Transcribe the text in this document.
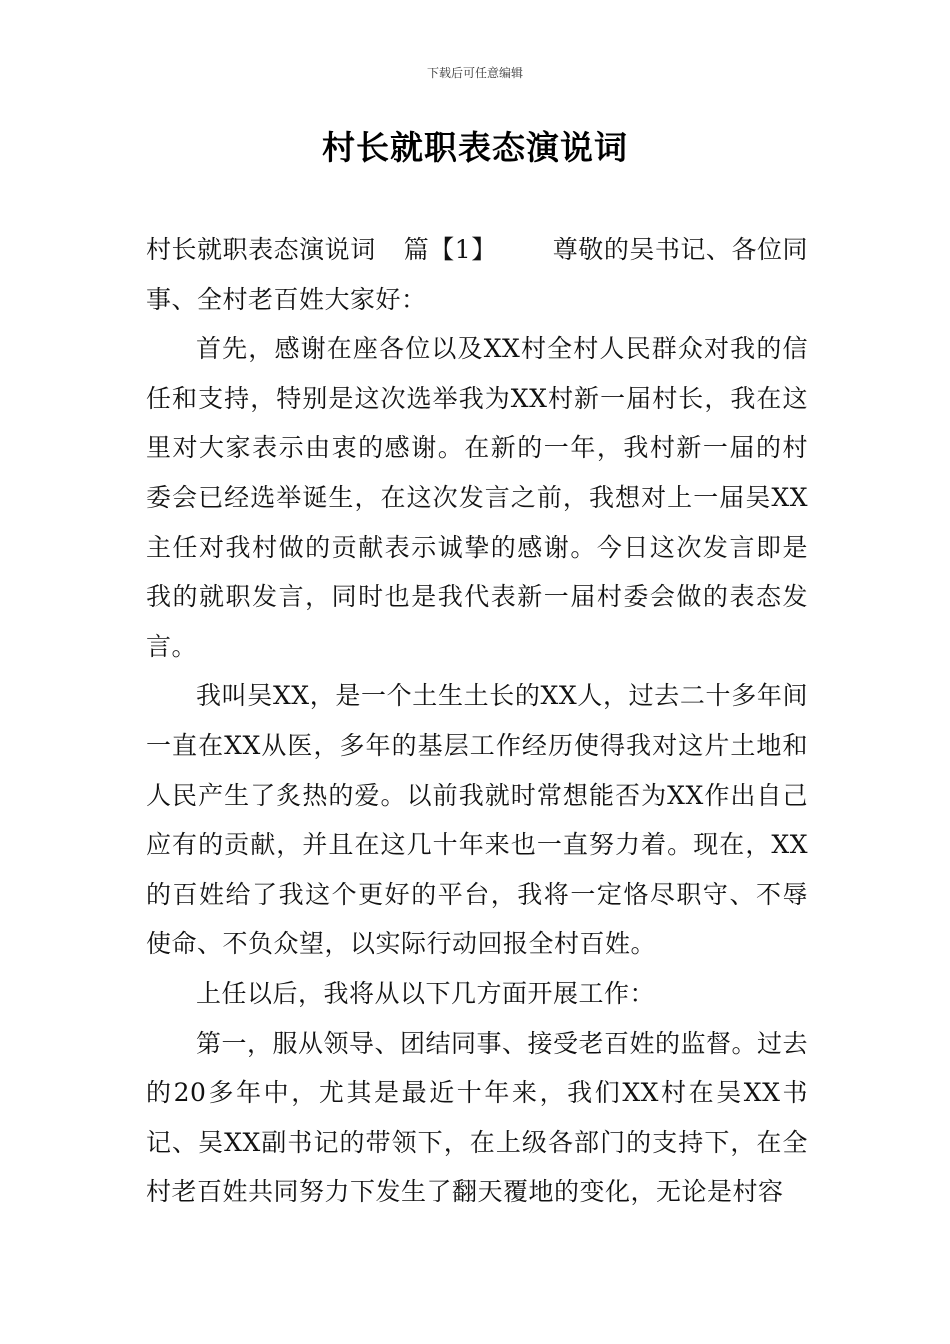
下载后可任意编辑
村长就职表态演说词

村长就职表态演说词 篇【1】 尊敬的吴书记、各位同事、全村老百姓大家好：

首先，感谢在座各位以及XX村全村人民群众对我的信任和支持，特别是这次选举我为XX村新一届村长，我在这里对大家表示由衷的感谢。在新的一年，我村新一届的村委会已经选举诞生，在这次发言之前，我想对上一届吴XX主任对我村做的贡献表示诚挚的感谢。今日这次发言即是我的就职发言，同时也是我代表新一届村委会做的表态发言。

我叫吴XX，是一个土生土长的XX人，过去二十多年间一直在XX从医，多年的基层工作经历使得我对这片土地和人民产生了炙热的爱。以前我就时常想能否为XX作出自己应有的贡献，并且在这几十年来也一直努力着。现在，XX的百姓给了我这个更好的平台，我将一定恪尽职守、不辱使命、不负众望，以实际行动回报全村百姓。

上任以后，我将从以下几方面开展工作：

第一，服从领导、团结同事、接受老百姓的监督。过去的20多年中，尤其是最近十年来，我们XX村在吴XX书记、吴XX副书记的带领下，在上级各部门的支持下，在全村老百姓共同努力下发生了翻天覆地的变化，无论是村容
